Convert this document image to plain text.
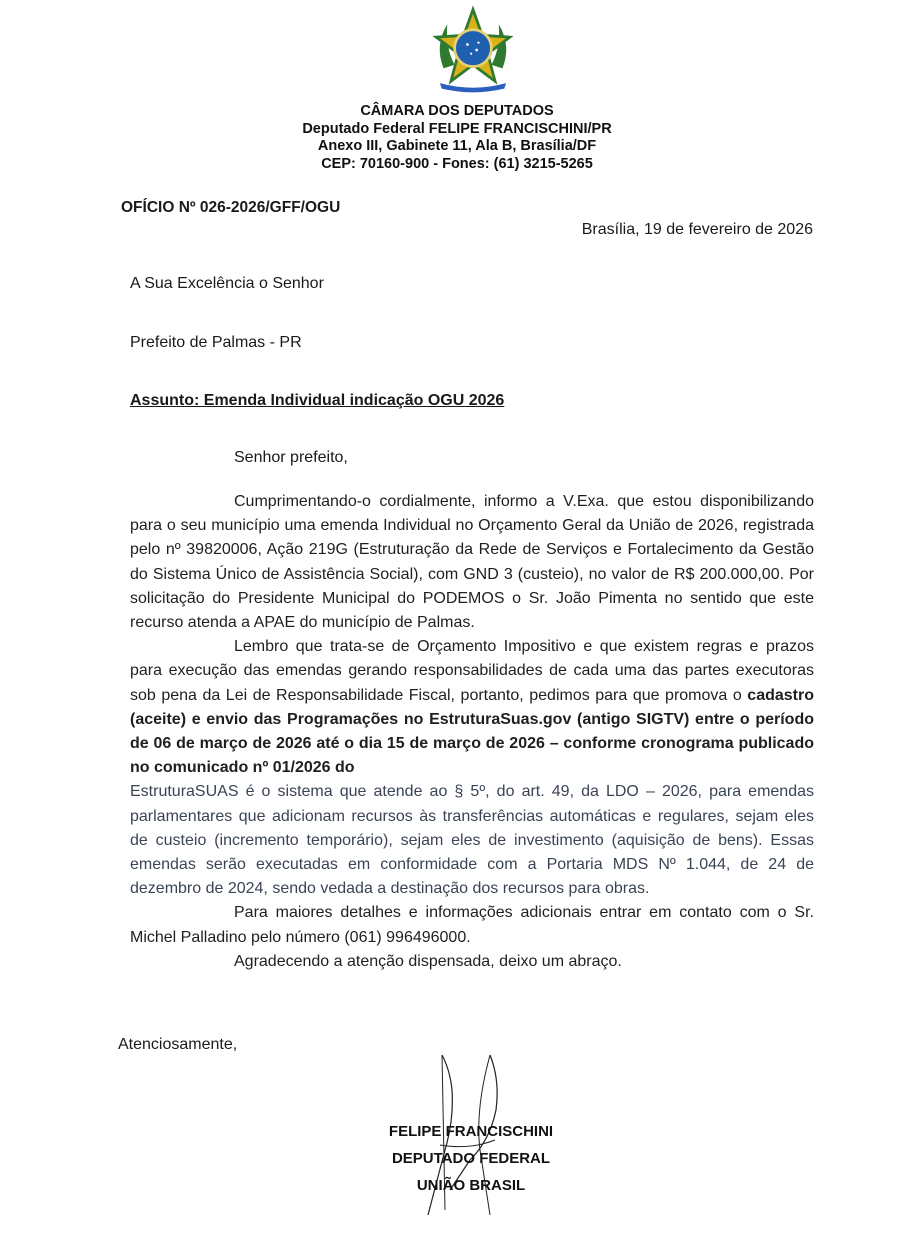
CÂMARA DOS DEPUTADOS
Deputado Federal FELIPE FRANCISCHINI/PR
Anexo III, Gabinete 11, Ala B, Brasília/DF
CEP: 70160-900 - Fones: (61) 3215-5265
OFÍCIO Nº 026-2026/GFF/OGU
Brasília, 19 de fevereiro de 2026
A Sua Excelência o Senhor
Prefeito de Palmas - PR
Assunto: Emenda Individual indicação OGU 2026
Senhor prefeito,

Cumprimentando-o cordialmente, informo a V.Exa. que estou disponibilizando para o seu município uma emenda Individual no Orçamento Geral da União de 2026, registrada pelo nº 39820006, Ação 219G (Estruturação da Rede de Serviços e Fortalecimento da Gestão do Sistema Único de Assistência Social), com GND 3 (custeio), no valor de R$ 200.000,00. Por solicitação do Presidente Municipal do PODEMOS o Sr. João Pimenta no sentido que este recurso atenda a APAE do município de Palmas.

Lembro que trata-se de Orçamento Impositivo e que existem regras e prazos para execução das emendas gerando responsabilidades de cada uma das partes executoras sob pena da Lei de Responsabilidade Fiscal, portanto, pedimos para que promova o cadastro (aceite) e envio das Programações no EstruturaSuas.gov (antigo SIGTV) entre o período de 06 de março de 2026 até o dia 15 de março de 2026 – conforme cronograma publicado no comunicado nº 01/2026 do

EstruturaSUAS é o sistema que atende ao § 5º, do art. 49, da LDO – 2026, para emendas parlamentares que adicionam recursos às transferências automáticas e regulares, sejam eles de custeio (incremento temporário), sejam eles de investimento (aquisição de bens). Essas emendas serão executadas em conformidade com a Portaria MDS Nº 1.044, de 24 de dezembro de 2024, sendo vedada a destinação dos recursos para obras.

Para maiores detalhes e informações adicionais entrar em contato com o Sr. Michel Palladino pelo número (061) 996496000.

Agradecendo a atenção dispensada, deixo um abraço.

Atenciosamente,
FELIPE FRANCISCHINI
DEPUTADO FEDERAL
UNIÃO BRASIL
